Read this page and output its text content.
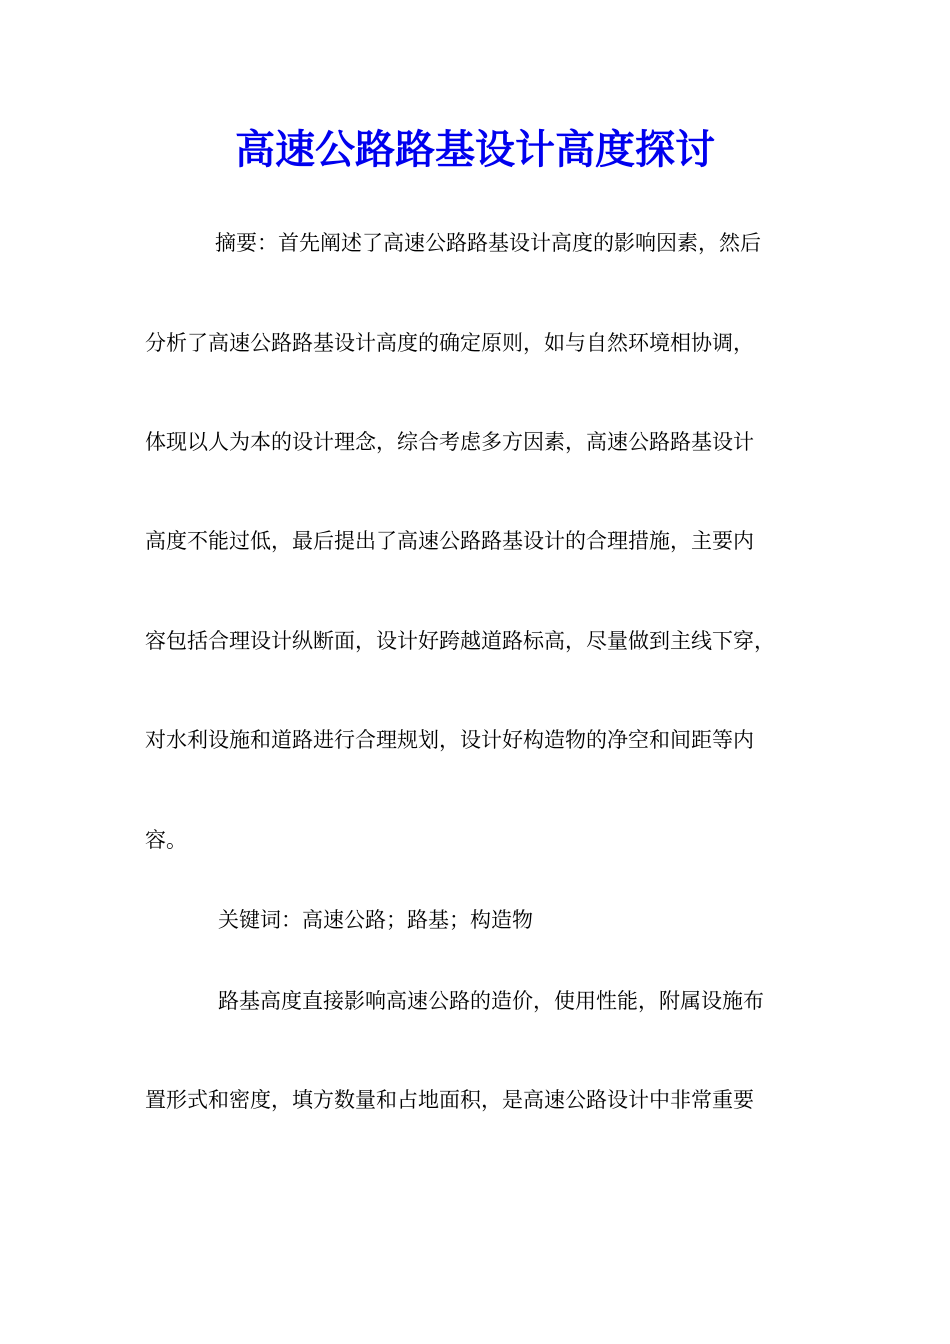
高速公路路基设计高度探讨

摘要：首先阐述了高速公路路基设计高度的影响因素，然后

分析了高速公路路基设计高度的确定原则，如与自然环境相协调，

体现以人为本的设计理念，综合考虑多方因素，高速公路路基设计

高度不能过低，最后提出了高速公路路基设计的合理措施，主要内

容包括合理设计纵断面，设计好跨越道路标高，尽量做到主线下穿，

对水利设施和道路进行合理规划，设计好构造物的净空和间距等内

容。

关键词：高速公路；路基；构造物

路基高度直接影响高速公路的造价，使用性能，附属设施布

置形式和密度，填方数量和占地面积，是高速公路设计中非常重要
